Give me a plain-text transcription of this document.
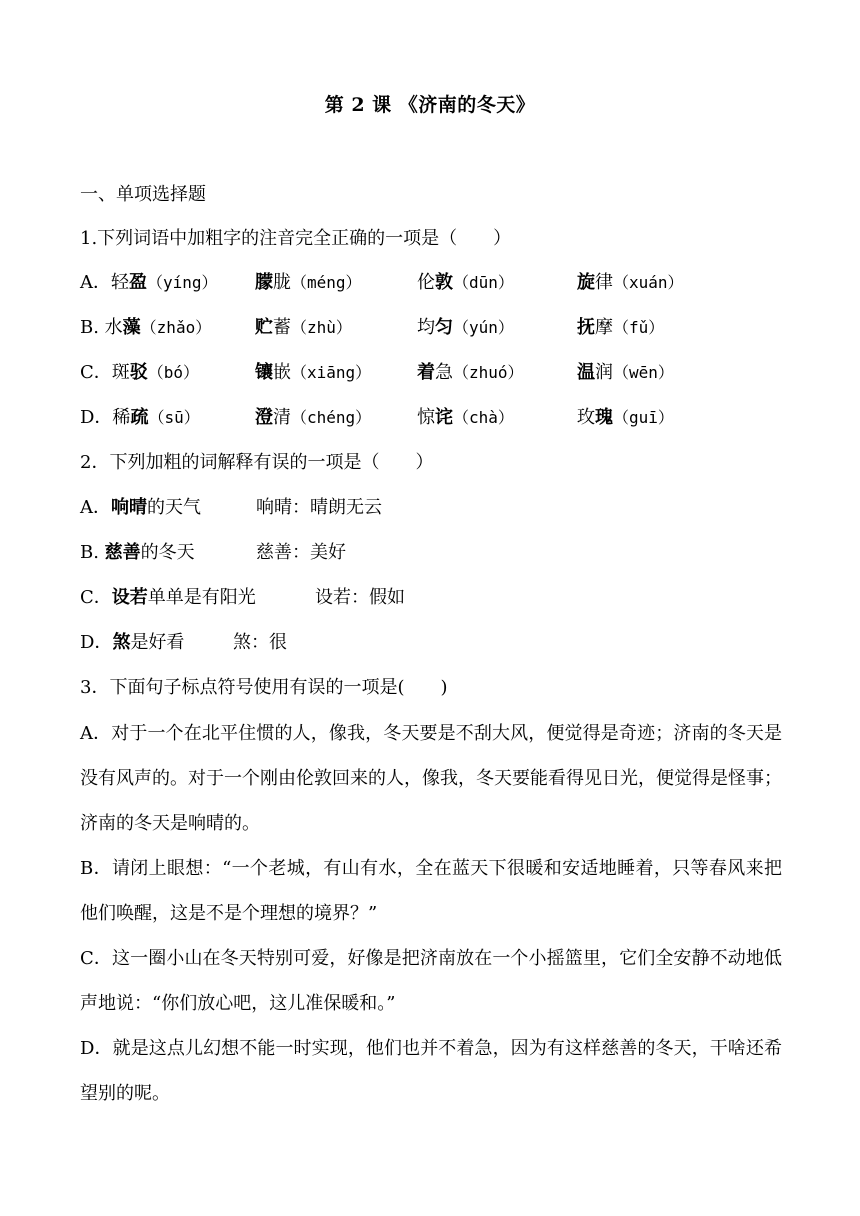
第 2 课 《济南的冬天》
一、单项选择题
1.下列词语中加粗字的注音完全正确的一项是（　　）
A．轻盈（yíng） 朦胧（méng）	伦敦（dūn）	旋律（xuán）
B. 水藻（zhǎo） 贮蓄（zhù）	均匀（yún）	抚摩（fǔ）
C．斑驳（bó）	镶嵌（xiāng）	着急（zhuó）	温润（wēn）
D．稀疏（sū）	澄清（chéng）	惊诧（chà）	玫瑰（guī）
2．下列加粗的词解释有误的一项是（　　）
A．响晴的天气	响晴：晴朗无云
B. 慈善的冬天	慈善：美好
C．设若单单是有阳光	设若：假如
D．煞是好看	煞：很
3．下面句子标点符号使用有误的一项是(　　)
A．对于一个在北平住惯的人，像我，冬天要是不刮大风，便觉得是奇迹；济南的冬天是没有风声的。对于一个刚由伦敦回来的人，像我，冬天要能看得见日光，便觉得是怪事；济南的冬天是响晴的。
B．请闭上眼想：“一个老城，有山有水，全在蓝天下很暖和安适地睡着，只等春风来把他们唤醒，这是不是个理想的境界？”
C．这一圈小山在冬天特别可爱，好像是把济南放在一个小摇篮里，它们全安静不动地低声地说：“你们放心吧，这儿准保暖和。”
D．就是这点儿幻想不能一时实现，他们也并不着急，因为有这样慈善的冬天，干啥还希望别的呢。
